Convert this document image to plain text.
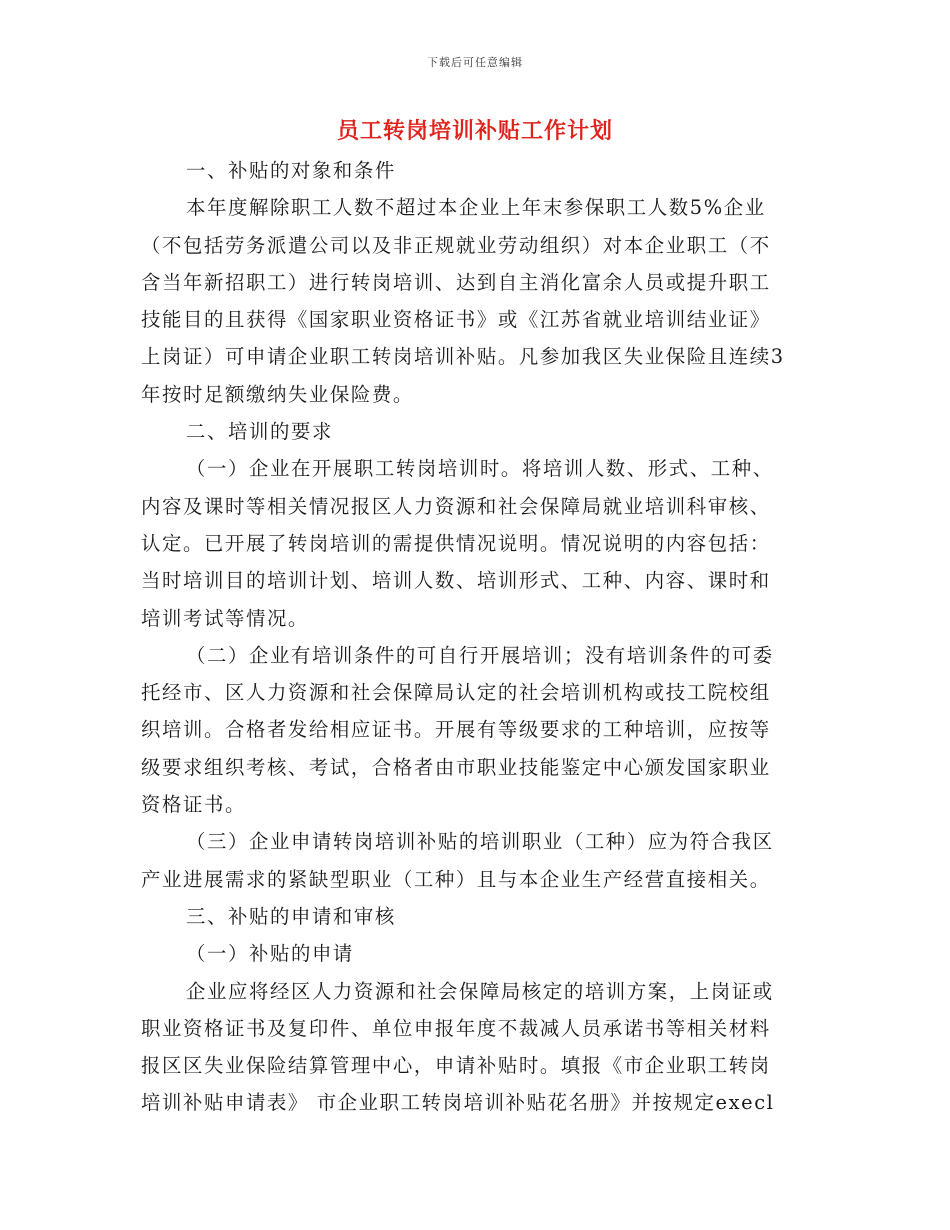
下载后可任意编辑
员工转岗培训补贴工作计划
一、补贴的对象和条件
本年度解除职工人数不超过本企业上年末参保职工人数5%企业
（不包括劳务派遣公司以及非正规就业劳动组织）对本企业职工（不
含当年新招职工）进行转岗培训、达到自主消化富余人员或提升职工
技能目的且获得《国家职业资格证书》或《江苏省就业培训结业证》
上岗证）可申请企业职工转岗培训补贴。凡参加我区失业保险且连续3
年按时足额缴纳失业保险费。
二、培训的要求
（一）企业在开展职工转岗培训时。将培训人数、形式、工种、
内容及课时等相关情况报区人力资源和社会保障局就业培训科审核、
认定。已开展了转岗培训的需提供情况说明。情况说明的内容包括：
当时培训目的培训计划、培训人数、培训形式、工种、内容、课时和
培训考试等情况。
（二）企业有培训条件的可自行开展培训；没有培训条件的可委
托经市、区人力资源和社会保障局认定的社会培训机构或技工院校组
织培训。合格者发给相应证书。开展有等级要求的工种培训，应按等
级要求组织考核、考试，合格者由市职业技能鉴定中心颁发国家职业
资格证书。
（三）企业申请转岗培训补贴的培训职业（工种）应为符合我区
产业进展需求的紧缺型职业（工种）且与本企业生产经营直接相关。
三、补贴的申请和审核
（一）补贴的申请
企业应将经区人力资源和社会保障局核定的培训方案，上岗证或
职业资格证书及复印件、单位申报年度不裁减人员承诺书等相关材料
报区区失业保险结算管理中心，申请补贴时。填报《市企业职工转岗
培训补贴申请表》 市企业职工转岗培训补贴花名册》并按规定execl
